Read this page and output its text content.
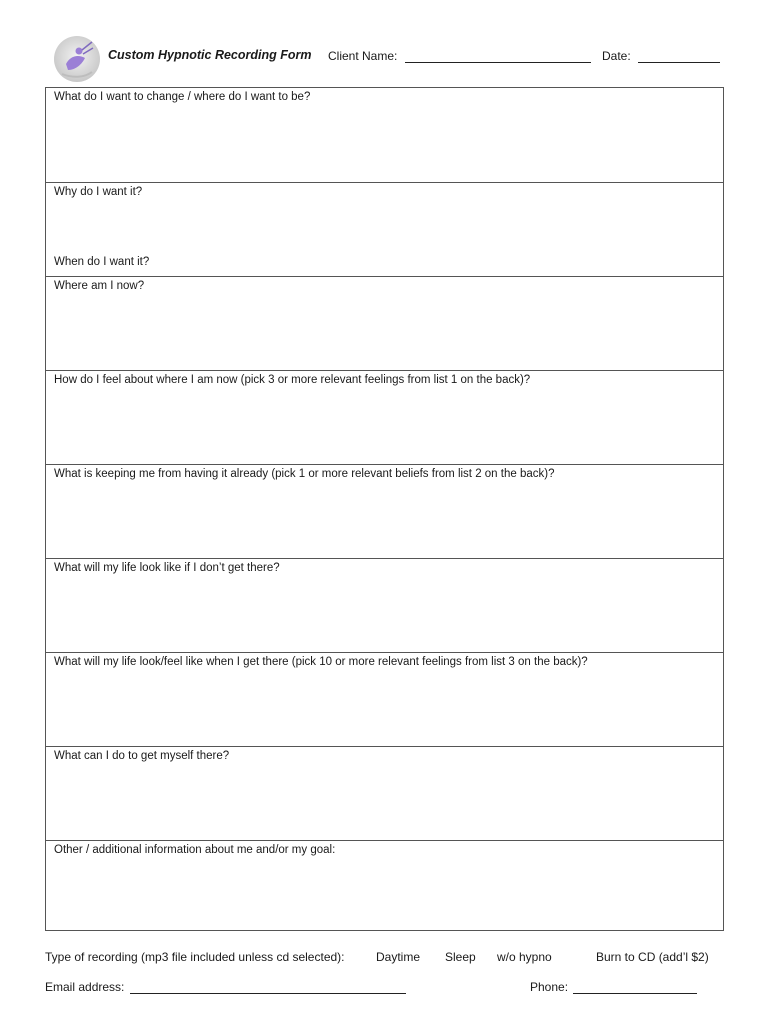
Custom Hypnotic Recording Form Client Name:	Date:
What do I want to change / where do I want to be?
Why do I want it?
When do I want it?
Where am I now?
How do I feel about where I am now (pick 3 or more relevant feelings from list 1 on the back)?
What is keeping me from having it already (pick 1 or more relevant beliefs from list 2 on the back)?
What will my life look like if I don’t get there?
What will my life look/feel like when I get there (pick 10 or more relevant feelings from list 3 on the back)?
What can I do to get myself there?
Other / additional information about me and/or my goal:
Type of recording (mp3 file included unless cd selected):	Daytime Sleep w/o hypno	Burn to CD (add’l $2)
Email address:	Phone:
